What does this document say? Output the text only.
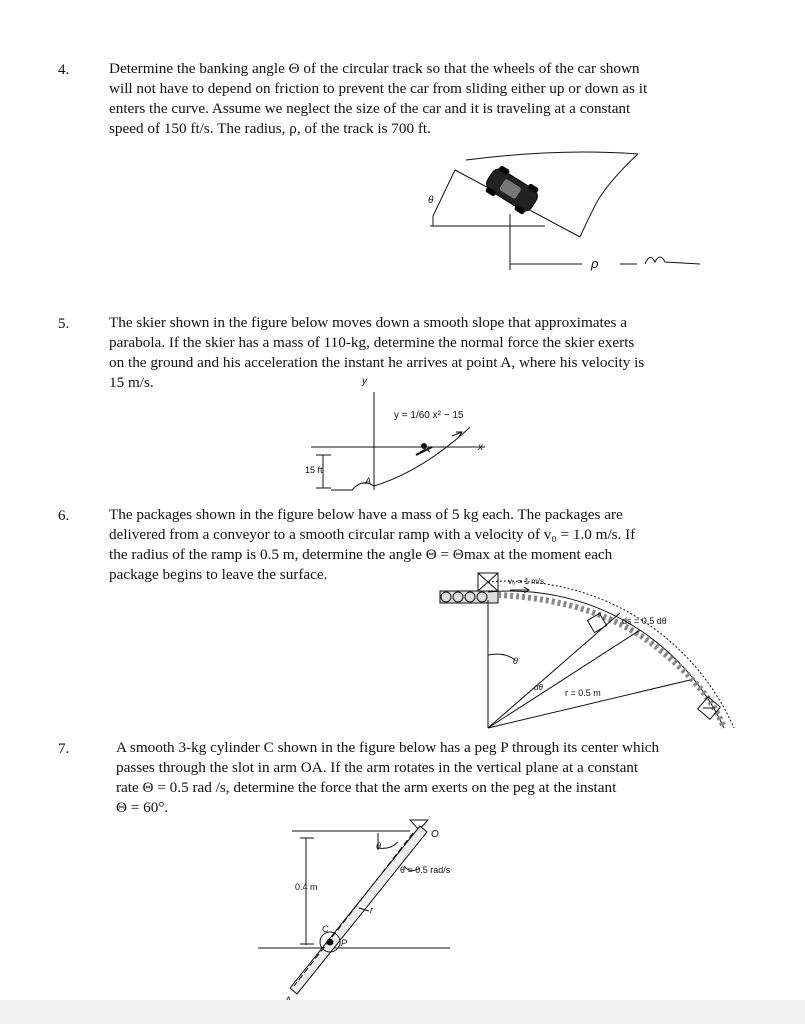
4.	Determine the banking angle Θ of the circular track so that the wheels of the car shown
will not have to depend on friction to prevent the car from sliding either up or down as it
enters the curve. Assume we neglect the size of the car and it is traveling at a constant
speed of 150 ft/s. The radius, ρ, of the track is 700 ft.
5.	The skier shown in the figure below moves down a smooth slope that approximates a
parabola. If the skier has a mass of 110-kg, determine the normal force the skier exerts
on the ground and his acceleration the instant he arrives at point A, where his velocity is
15 m/s.
6.	The packages shown in the figure below have a mass of 5 kg each. The packages are
delivered from a conveyor to a smooth circular ramp with a velocity of v₀ = 1.0 m/s. If
the radius of the ramp is 0.5 m, determine the angle Θ = Θmax at the moment each
package begins to leave the surface.
7.	A smooth 3-kg cylinder C shown in the figure below has a peg P through its center which
passes through the slot in arm OA. If the arm rotates in the vertical plane at a constant
rate Θ = 0.5 rad /s, determine the force that the arm exerts on the peg at the instant
Θ = 60°.
θ
ρ
y
x
y = 1/60 x² − 15
15 ft
A
v₀ = 1 m/s
ds = 0.5 dθ
θ
dθ
r = 0.5 m
O
θ
θ̇ = 0.5 rad/s
0.4 m
C
P
r
